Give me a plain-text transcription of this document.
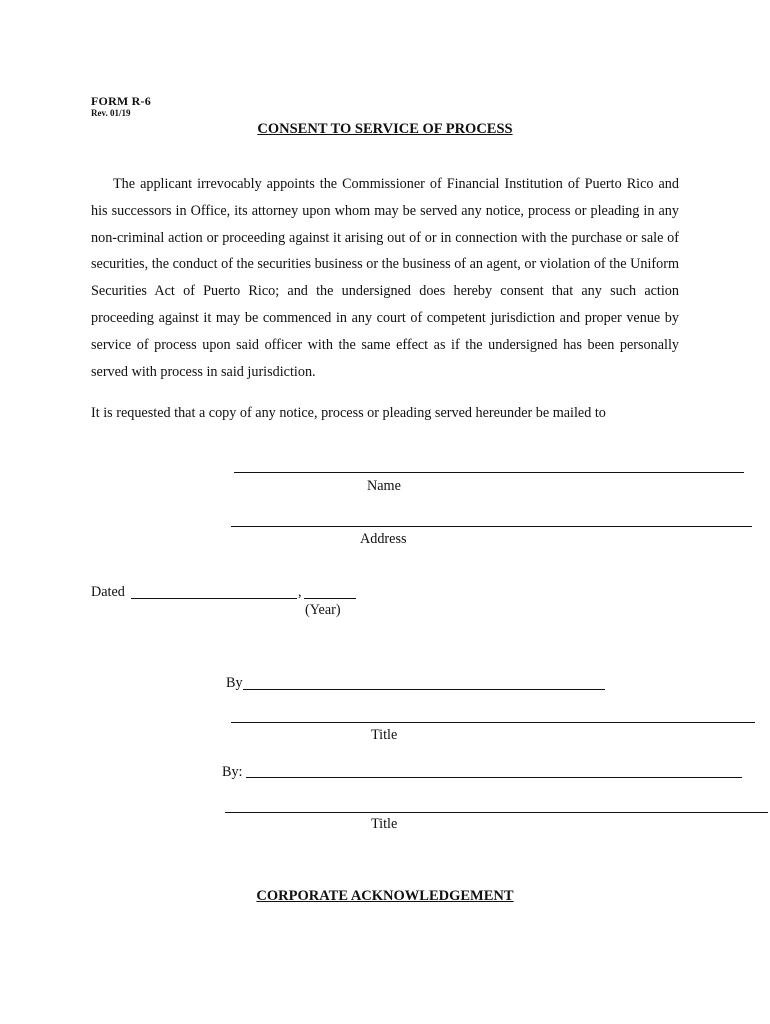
FORM R-6
Rev. 01/19
CONSENT TO SERVICE OF PROCESS
The applicant irrevocably appoints the Commissioner of Financial Institution of Puerto Rico and his successors in Office, its attorney upon whom may be served any notice, process or pleading in any non-criminal action or proceeding against it arising out of or in connection with the purchase or sale of securities, the conduct of the securities business or the business of an agent, or violation of the Uniform Securities Act of Puerto Rico; and the undersigned does hereby consent that any such action proceeding against it may be commenced in any court of competent jurisdiction and proper venue by service of process upon said officer with the same effect as if the undersigned has been personally served with process in said jurisdiction.
It is requested that a copy of any notice, process or pleading served hereunder be mailed to
Name
Address
Dated	,
(Year)
By
Title
By:
Title
CORPORATE ACKNOWLEDGEMENT
